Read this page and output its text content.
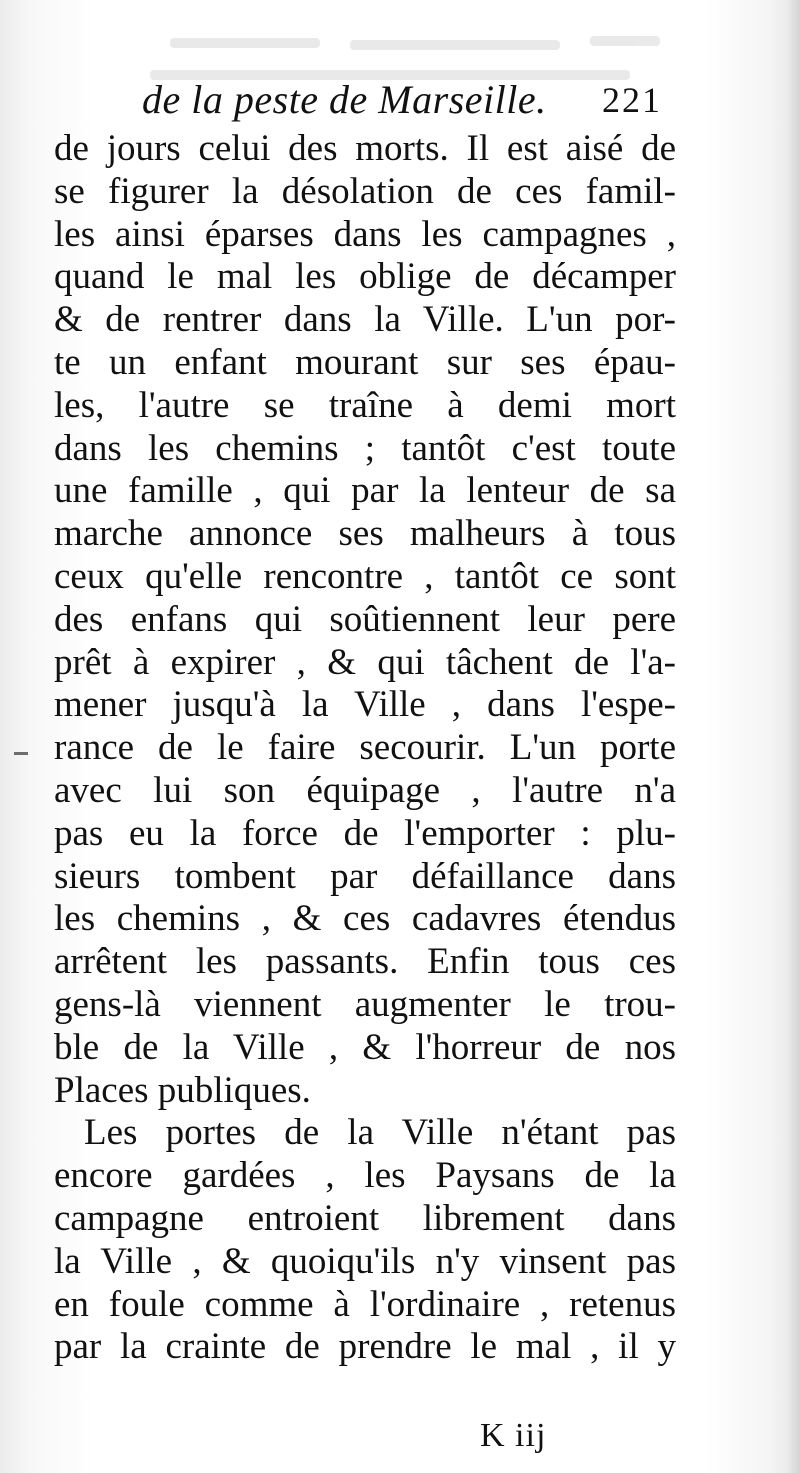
de la peste de Marseille. 221
de jours celui des morts. Il est aisé de
se figurer la désolation de ces famil-
les ainsi éparses dans les campagnes ,
quand le mal les oblige de décamper
& de rentrer dans la Ville. L'un por-
te un enfant mourant sur ses épau-
les, l'autre se traîne à demi mort
dans les chemins ; tantôt c'est toute
une famille , qui par la lenteur de sa
marche annonce ses malheurs à tous
ceux qu'elle rencontre , tantôt ce sont
des enfans qui soûtiennent leur pere
prêt à expirer , & qui tâchent de l'a-
mener jusqu'à la Ville , dans l'espe-
rance de le faire secourir. L'un porte
avec lui son équipage , l'autre n'a
pas eu la force de l'emporter : plu-
sieurs tombent par défaillance dans
les chemins , & ces cadavres étendus
arrêtent les passants. Enfin tous ces
gens-là viennent augmenter le trou-
ble de la Ville , & l'horreur de nos
Places publiques.
Les portes de la Ville n'étant pas
encore gardées , les Paysans de la
campagne entroient librement dans
la Ville , & quoiqu'ils n'y vinsent pas
en foule comme à l'ordinaire , retenus
par la crainte de prendre le mal , il y
K iij
